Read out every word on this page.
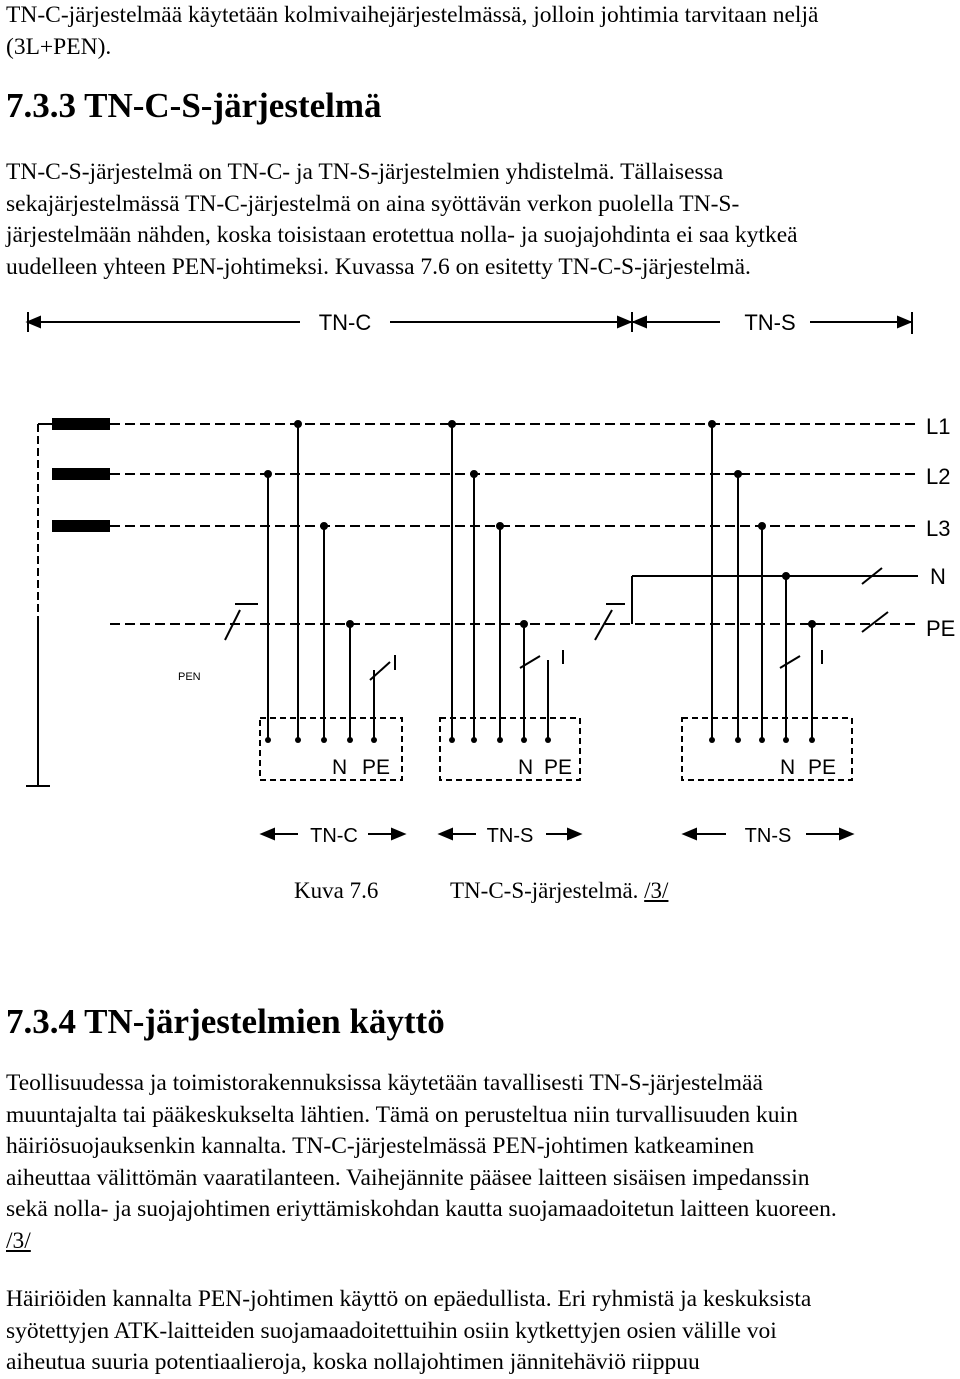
TN-C-järjestelmää käytetään kolmivaihejärjestelmässä, jolloin johtimia tarvitaan neljä
(3L+PEN).
7.3.3 TN-C-S-järjestelmä
TN-C-S-järjestelmä on TN-C- ja TN-S-järjestelmien yhdistelmä. Tällaisessa
sekajärjestelmässä TN-C-järjestelmä on aina syöttävän verkon puolella TN-S-
järjestelmään nähden, koska toisistaan erotettua nolla- ja suojajohdinta ei saa kytkeä
uudelleen yhteen PEN-johtimeksi. Kuvassa 7.6 on esitetty TN-C-S-järjestelmä.
TN-C	TN-S
PEN
N PE	N PE	N PE
L1
L2
L3
N
PE
TN-C	TN-S	TN-S
Kuva 7.6	TN-C-S-järjestelmä. /3/
7.3.4 TN-järjestelmien käyttö
Teollisuudessa ja toimistorakennuksissa käytetään tavallisesti TN-S-järjestelmää
muuntajalta tai pääkeskukselta lähtien. Tämä on perusteltua niin turvallisuuden kuin
häiriösuojauksenkin kannalta. TN-C-järjestelmässä PEN-johtimen katkeaminen
aiheuttaa välittömän vaaratilanteen. Vaihejännite pääsee laitteen sisäisen impedanssin
sekä nolla- ja suojajohtimen eriyttämiskohdan kautta suojamaadoitetun laitteen kuoreen.
/3/
Häiriöiden kannalta PEN-johtimen käyttö on epäedullista. Eri ryhmistä ja keskuksista
syötettyjen ATK-laitteiden suojamaadoitettuihin osiin kytkettyjen osien välille voi
aiheutua suuria potentiaalieroja, koska nollajohtimen jännitehäviö riippuu
